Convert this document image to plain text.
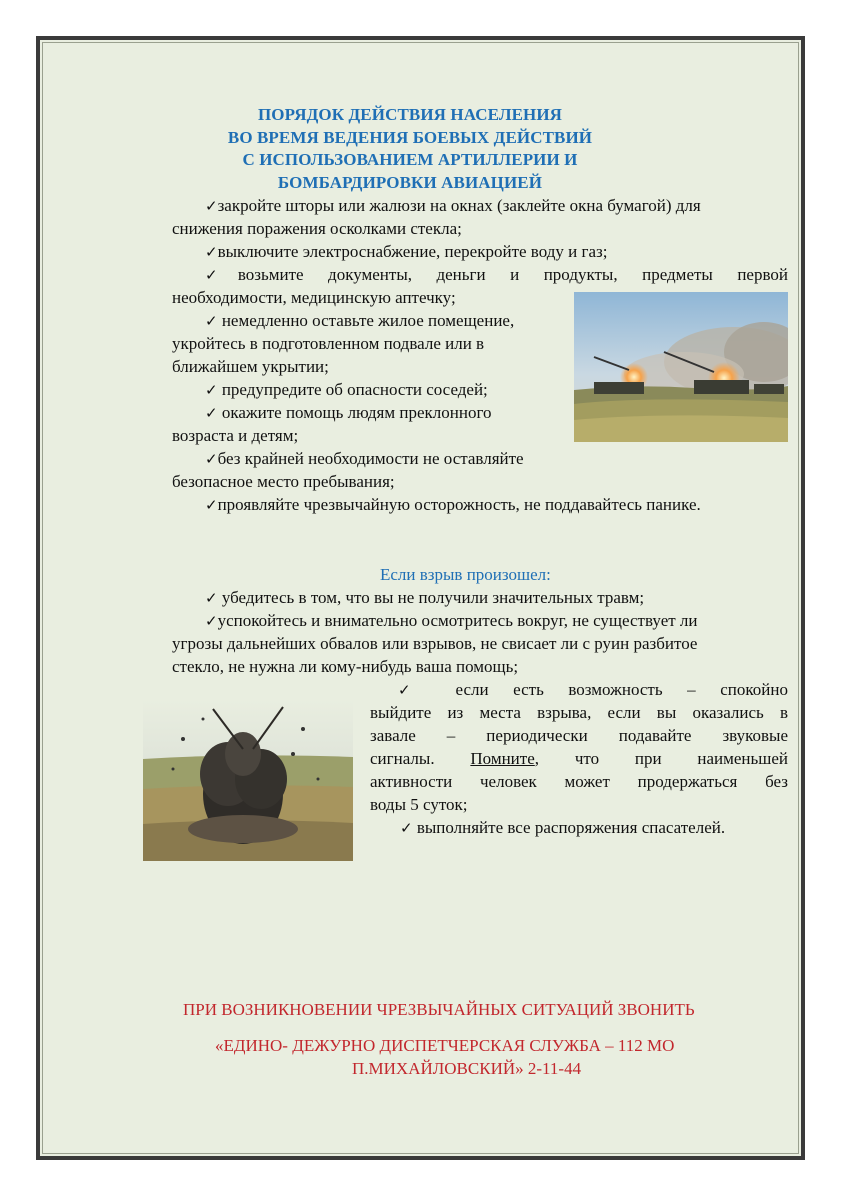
ПОРЯДОК ДЕЙСТВИЯ НАСЕЛЕНИЯ
ВО ВРЕМЯ ВЕДЕНИЯ БОЕВЫХ ДЕЙСТВИЙ
С ИСПОЛЬЗОВАНИЕМ АРТИЛЛЕРИИ И
БОМБАРДИРОВКИ АВИАЦИЕЙ
✓закройте шторы или жалюзи на окнах (заклейте окна бумагой) для
снижения поражения осколками стекла;
✓выключите электроснабжение, перекройте воду и газ;
✓возьмите документы, деньги и продукты, предметы первой
необходимости, медицинскую аптечку;
✓ немедленно оставьте жилое помещение,
укройтесь в подготовленном подвале или в
ближайшем укрытии;
✓ предупредите об опасности соседей;
✓ окажите помощь людям преклонного
возраста и детям;
✓без крайней необходимости не оставляйте
безопасное место пребывания;
✓проявляйте чрезвычайную осторожность, не поддавайтесь панике.
Если взрыв произошел:
✓ убедитесь в том, что вы не получили значительных травм;
✓успокойтесь и внимательно осмотритесь вокруг, не существует ли
угрозы дальнейших обвалов или взрывов, не свисает ли с руин разбитое
стекло, не нужна ли кому-нибудь ваша помощь;
✓ если есть возможность – спокойно
выйдите из места взрыва, если вы оказались в
завале – периодически подавайте звуковые
сигналы. Помните, что при наименьшей
активности человек может продержаться без
воды 5 суток;
✓ выполняйте все распоряжения спасателей.
ПРИ ВОЗНИКНОВЕНИИ ЧРЕЗВЫЧАЙНЫХ СИТУАЦИЙ ЗВОНИТЬ
«ЕДИНО- ДЕЖУРНО ДИСПЕТЧЕРСКАЯ СЛУЖБА – 112 МО
П.МИХАЙЛОВСКИЙ» 2-11-44
